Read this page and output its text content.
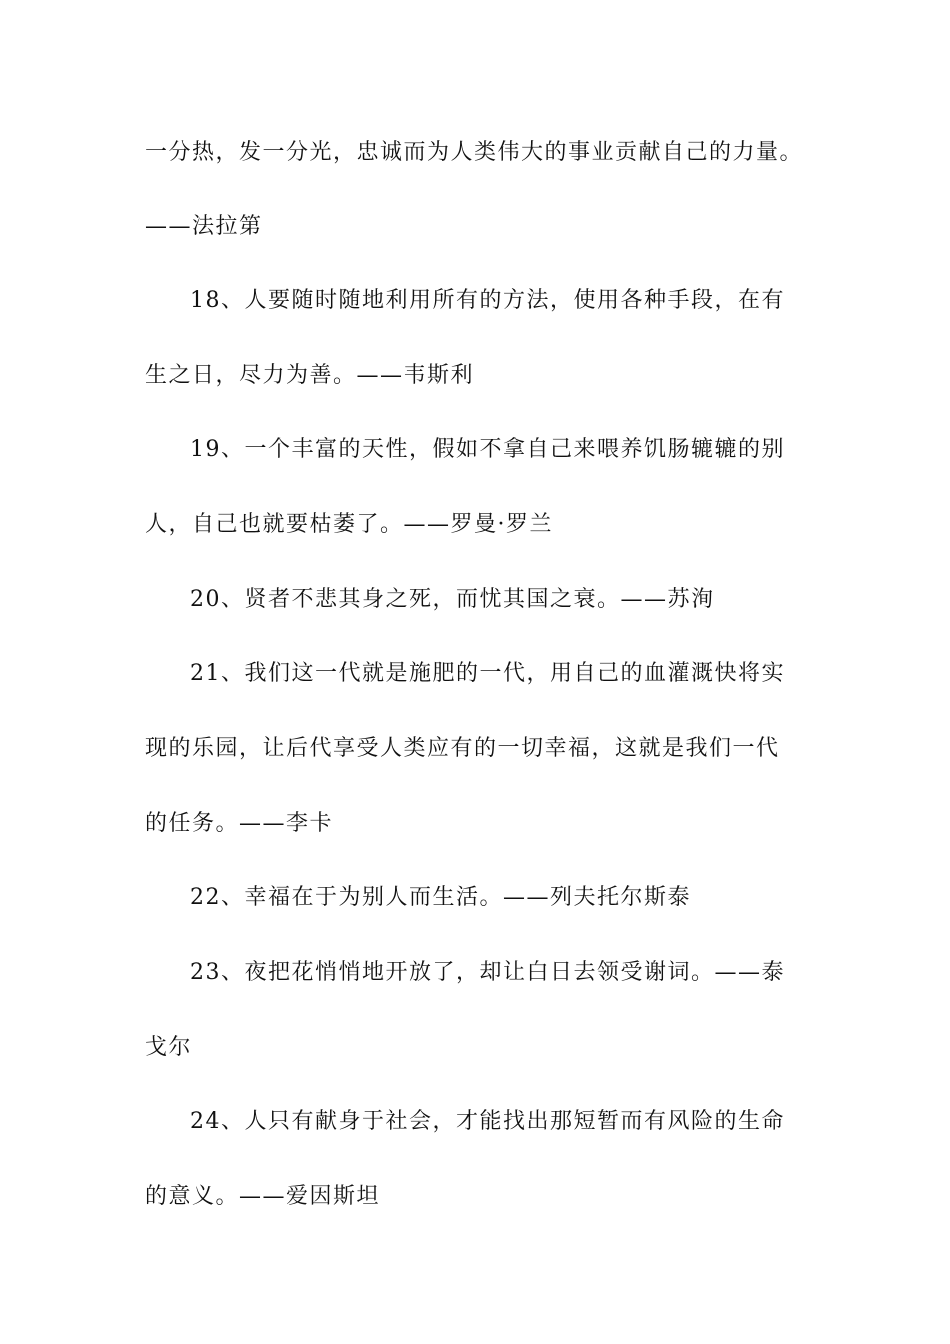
一分热，发一分光，忠诚而为人类伟大的事业贡献自己的力量。
——法拉第
18、人要随时随地利用所有的方法，使用各种手段，在有
生之日，尽力为善。——韦斯利
19、一个丰富的天性，假如不拿自己来喂养饥肠辘辘的别
人，自己也就要枯萎了。——罗曼·罗兰
20、贤者不悲其身之死，而忧其国之衰。——苏洵
21、我们这一代就是施肥的一代，用自己的血灌溉快将实
现的乐园，让后代享受人类应有的一切幸福，这就是我们一代
的任务。——李卡
22、幸福在于为别人而生活。——列夫托尔斯泰
23、夜把花悄悄地开放了，却让白日去领受谢词。——泰
戈尔
24、人只有献身于社会，才能找出那短暂而有风险的生命
的意义。——爱因斯坦
